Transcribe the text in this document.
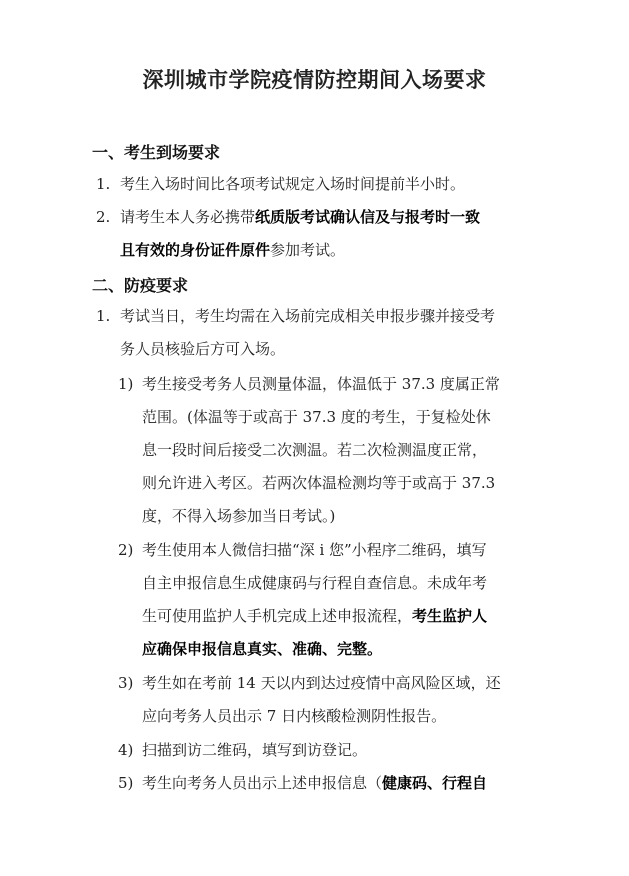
深圳城市学院疫情防控期间入场要求
一、考生到场要求
1. 考生入场时间比各项考试规定入场时间提前半小时。
2. 请考生本人务必携带纸质版考试确认信及与报考时一致
且有效的身份证件原件参加考试。
二、防疫要求
1. 考试当日，考生均需在入场前完成相关申报步骤并接受考
务人员核验后方可入场。
1) 考生接受考务人员测量体温，体温低于 37.3 度属正常
范围。(体温等于或高于 37.3 度的考生，于复检处休
息一段时间后接受二次测温。若二次检测温度正常，
则允许进入考区。若两次体温检测均等于或高于 37.3
度，不得入场参加当日考试。)
2) 考生使用本人微信扫描“深 i 您”小程序二维码，填写
自主申报信息生成健康码与行程自查信息。未成年考
生可使用监护人手机完成上述申报流程，考生监护人
应确保申报信息真实、准确、完整。
3) 考生如在考前 14 天以内到达过疫情中高风险区域，还
应向考务人员出示 7 日内核酸检测阴性报告。
4) 扫描到访二维码，填写到访登记。
5) 考生向考务人员出示上述申报信息（健康码、行程自
